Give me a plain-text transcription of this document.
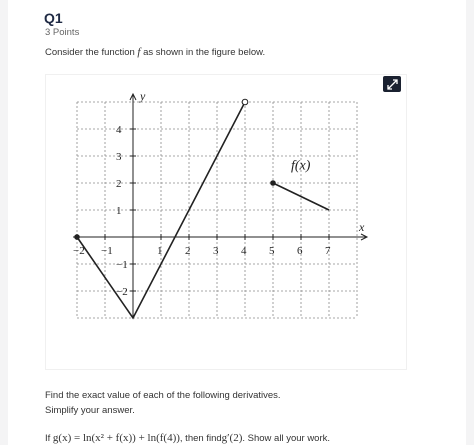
Q1
3 Points
Consider the function f as shown in the figure below.
x
y
−2 −1	1 2 3 4 5 6 7
4
3
2
1
−1
−2
f(x)
Find the exact value of each of the following derivatives.
Simplify your answer.
If g(x) = ln(x² + f(x)) + ln(f(4)), then findg′(2). Show all your work.
